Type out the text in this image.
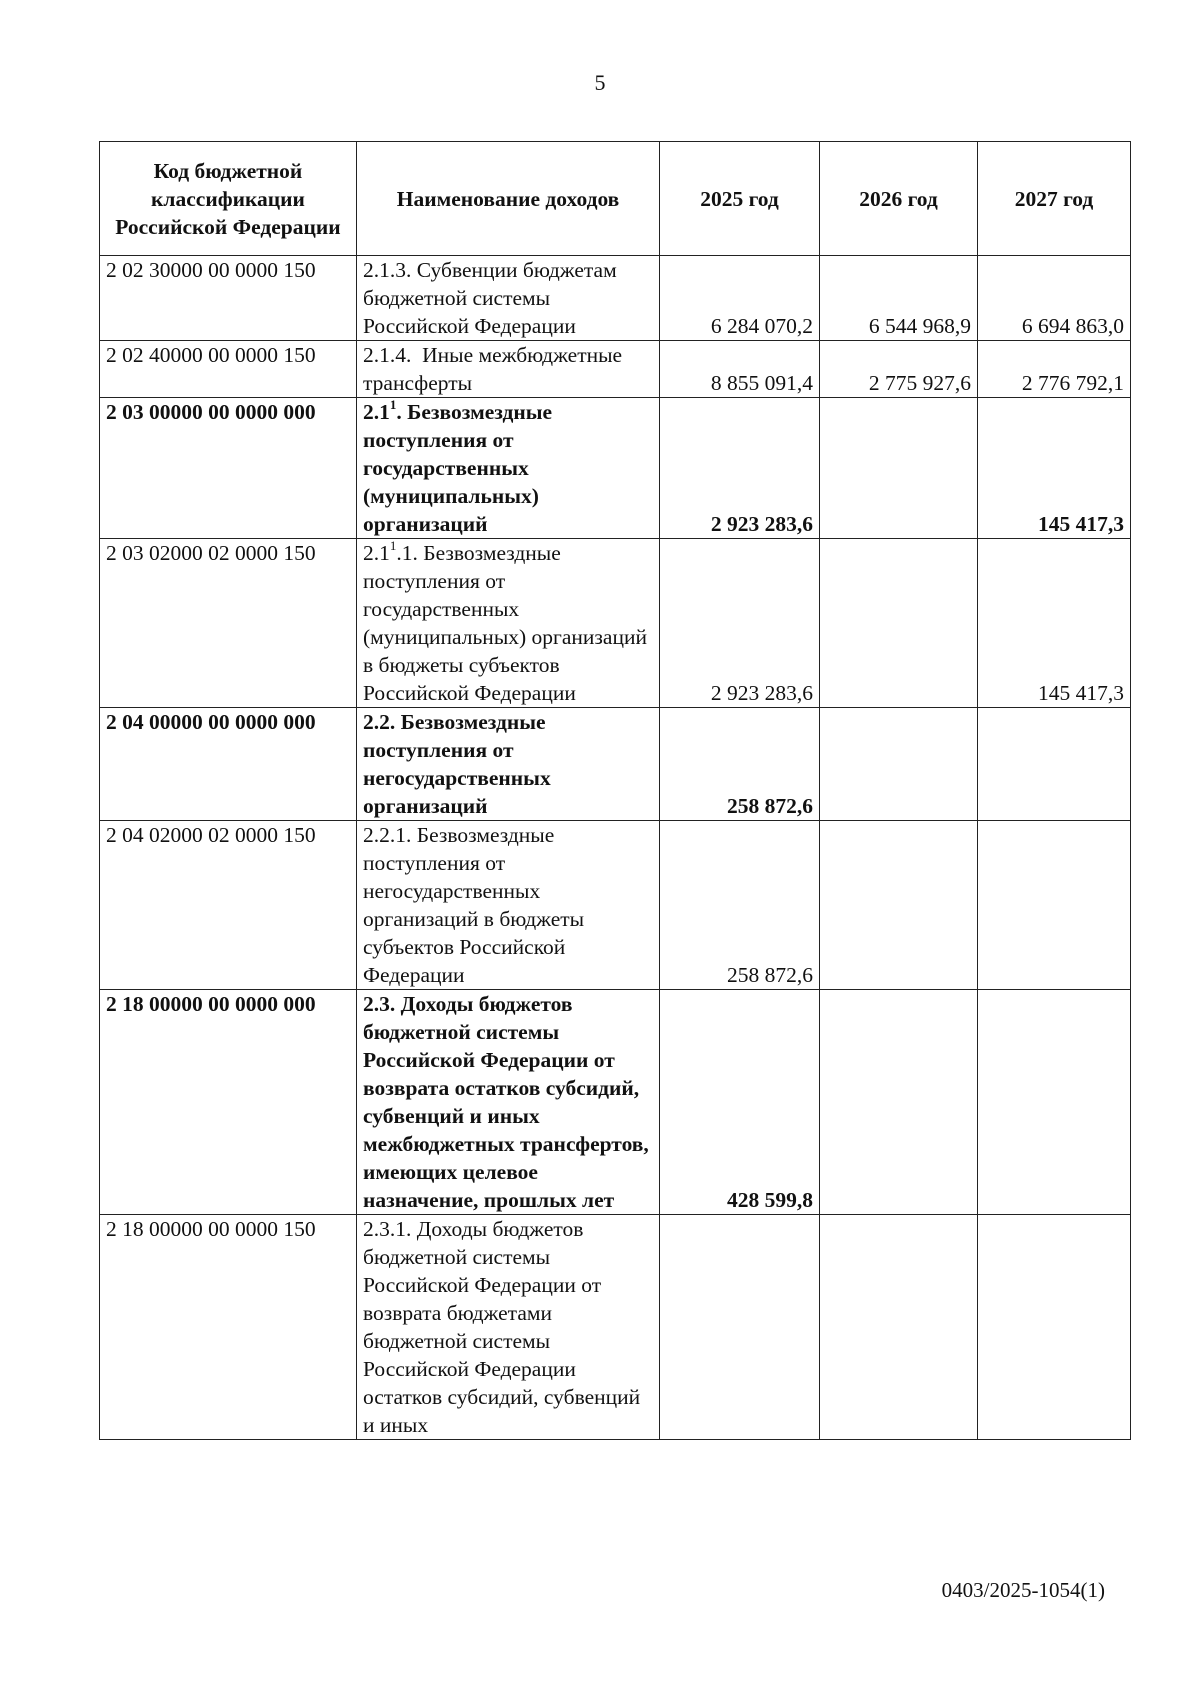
5
Код бюджетной классификации Российской Федерации	Наименование доходов	2025 год	2026 год	2027 год
2 02 30000 00 0000 150	2.1.3. Субвенции бюджетам бюджетной системы Российской Федерации	6 284 070,2	6 544 968,9	6 694 863,0
2 02 40000 00 0000 150	2.1.4.  Иные межбюджетные трансферты	8 855 091,4	2 775 927,6	2 776 792,1
2 03 00000 00 0000 000	$2.1^1$. Безвозмездные поступления от государственных (муниципальных) организаций	2 923 283,6		145 417,3
2 03 02000 02 0000 150	$2.1^1.1$. Безвозмездные поступления от государственных (муниципальных) организаций в бюджеты субъектов Российской Федерации	2 923 283,6		145 417,3
2 04 00000 00 0000 000	2.2. Безвозмездные поступления от негосударственных организаций	258 872,6		
2 04 02000 02 0000 150	2.2.1. Безвозмездные поступления от негосударственных организаций в бюджеты субъектов Российской Федерации	258 872,6		
2 18 00000 00 0000 000	2.3. Доходы бюджетов бюджетной системы Российской Федерации от возврата остатков субсидий, субвенций и иных межбюджетных трансфертов, имеющих целевое назначение, прошлых лет	428 599,8		
2 18 00000 00 0000 150	2.3.1. Доходы бюджетов бюджетной системы Российской Федерации от возврата бюджетами бюджетной системы Российской Федерации остатков субсидий, субвенций и иных			
0403/2025-1054(1)
